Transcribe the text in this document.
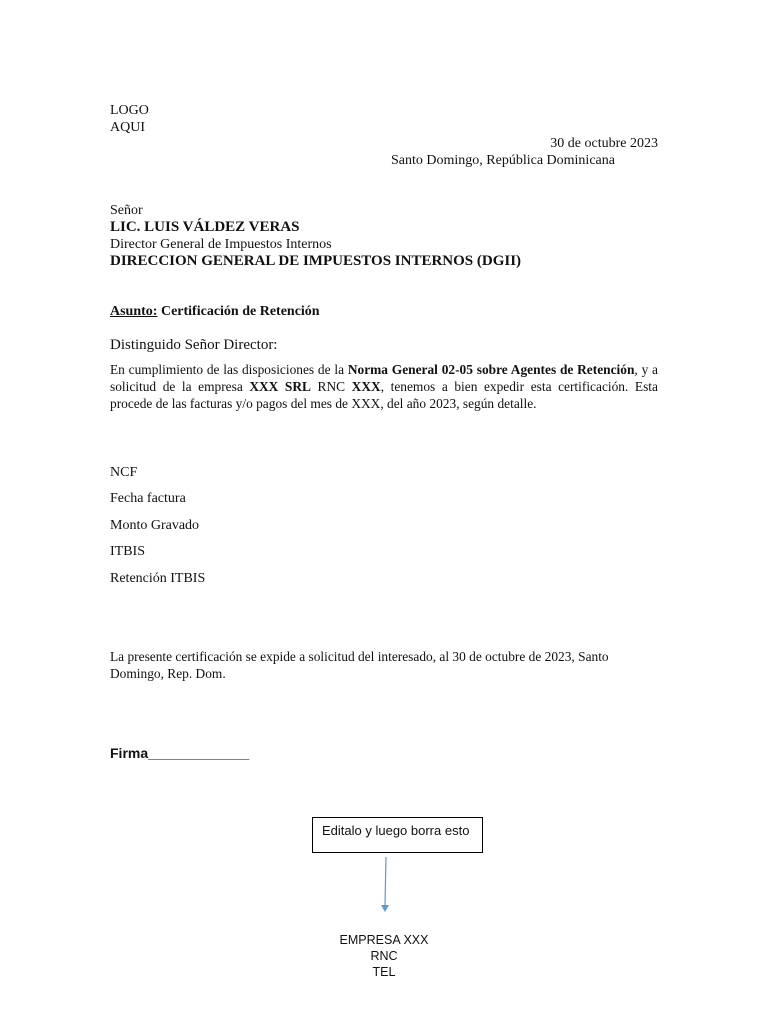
LOGO
AQUI
30 de octubre 2023
Santo Domingo, República Dominicana
Señor
LIC. LUIS VÁLDEZ VERAS
Director General de Impuestos Internos
DIRECCION GENERAL DE IMPUESTOS INTERNOS (DGII)
Asunto: Certificación de Retención
Distinguido Señor Director:
En cumplimiento de las disposiciones de la Norma General 02-05 sobre Agentes de Retención, y a solicitud de la empresa XXX SRL RNC XXX, tenemos a bien expedir esta certificación. Esta procede de las facturas y/o pagos del mes de XXX, del año 2023, según detalle.
NCF
Fecha factura
Monto Gravado
ITBIS
Retención ITBIS
La presente certificación se expide a solicitud del interesado, al 30 de octubre de 2023, Santo Domingo, Rep. Dom.
Firma_____________
Editalo y luego borra esto
EMPRESA XXX
RNC
TEL
